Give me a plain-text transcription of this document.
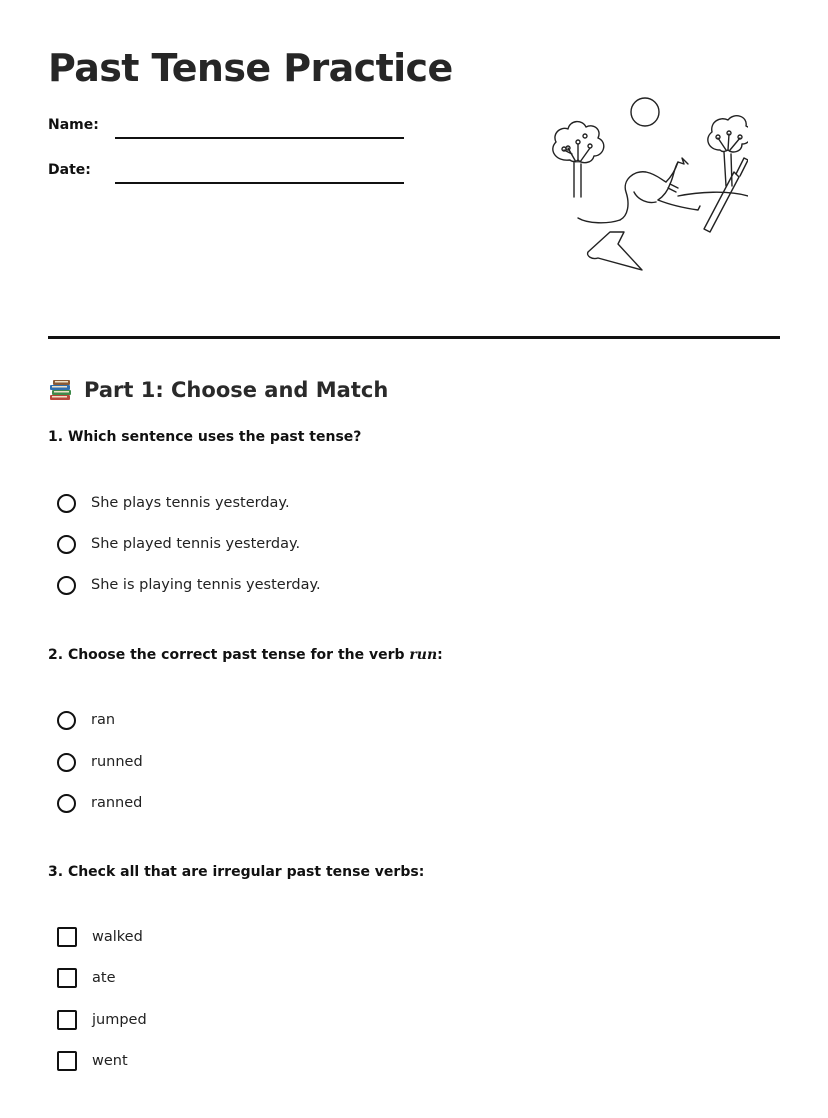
Past Tense Practice
Name:
Date:
Part 1: Choose and Match
1. Which sentence uses the past tense?
She plays tennis yesterday.
She played tennis yesterday.
She is playing tennis yesterday.
2. Choose the correct past tense for the verb run:
ran
runned
ranned
3. Check all that are irregular past tense verbs:
walked
ate
jumped
went
